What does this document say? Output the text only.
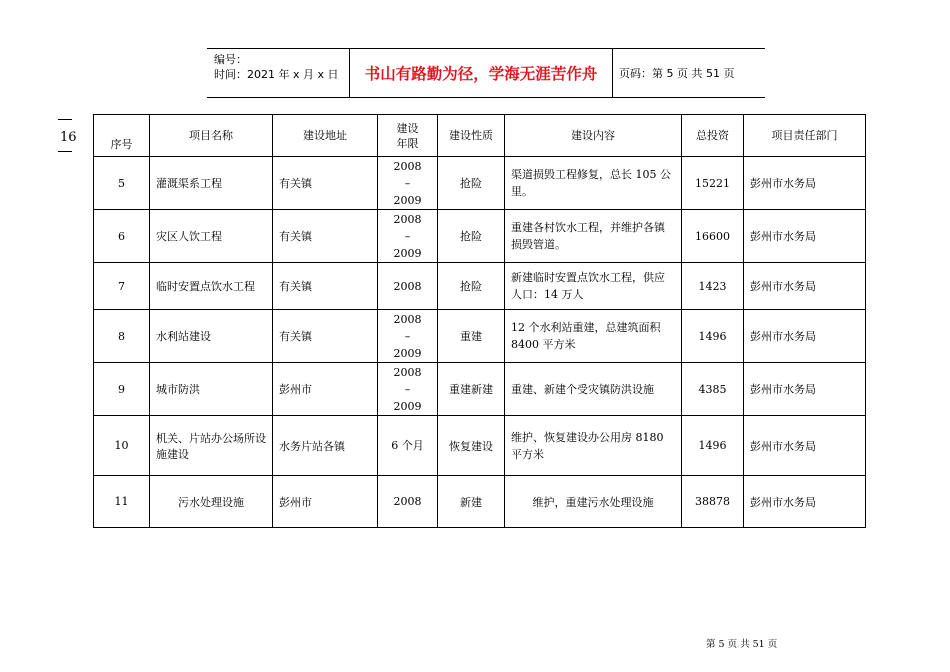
编号：
时间：2021 年 x 月 x 日	书山有路勤为径，学海无涯苦作舟	页码：第 5 页 共 51 页
16	序号	项目名称	建设地址	建设
年限	建设性质	建设内容	总投资	项目责任部门
5	灌溉渠系工程	有关镇	2008
–
2009	抢险	渠道损毁工程修复，总长 105 公里。	15221	彭州市水务局
6	灾区人饮工程	有关镇	2008
–
2009	抢险	重建各村饮水工程，并维护各镇损毁管道。	16600	彭州市水务局
7	临时安置点饮水工程	有关镇	2008	抢险	新建临时安置点饮水工程，供应人口：14 万人	1423	彭州市水务局
8	水利站建设	有关镇	2008
–
2009	重建	12 个水利站重建，总建筑面积 8400 平方米	1496	彭州市水务局
9	城市防洪	彭州市	2008
–
2009	重建新建	重建、新建个受灾镇防洪设施	4385	彭州市水务局
10	机关、片站办公场所设施建设	水务片站各镇	6 个月	恢复建设	维护、恢复建设办公用房 8180 平方米	1496	彭州市水务局
11	污水处理设施	彭州市	2008	新建	维护，重建污水处理设施	38878	彭州市水务局
第 5 页 共 51 页
